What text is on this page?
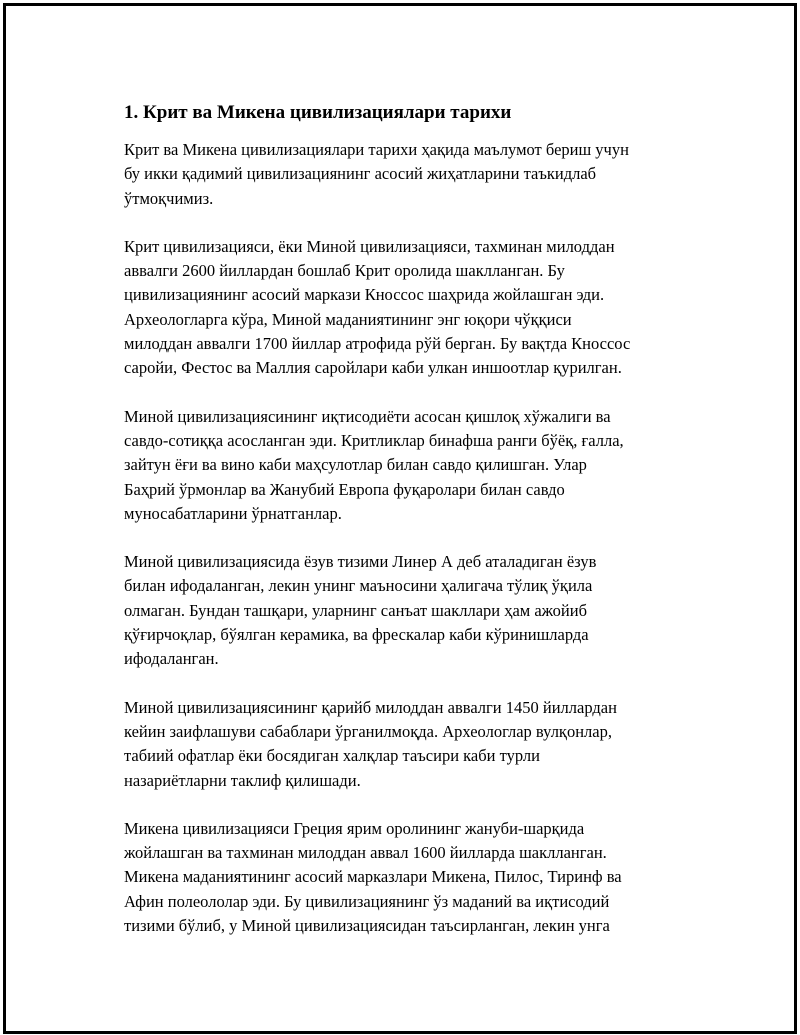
1. Крит ва Микена цивилизациялари тарихи
Крит ва Микена цивилизациялари тарихи ҳақида маълумот бериш учун
бу икки қадимий цивилизациянинг асосий жиҳатларини таъкидлаб
ўтмоқчимиз.
Крит цивилизацияси, ёки Миной цивилизацияси, тахминан милоддан
аввалги 2600 йиллардан бошлаб Крит оролида шаклланган. Бу
цивилизациянинг асосий маркази Кноссос шаҳрида жойлашган эди.
Археологларга кўра, Миной маданиятининг энг юқори чўққиси
милоддан аввалги 1700 йиллар атрофида рўй берган. Бу вақтда Кноссос
саройи, Фестос ва Маллия саройлари каби улкан иншоотлар қурилган.
Миной цивилизациясининг иқтисодиёти асосан қишлоқ хўжалиги ва
савдо-сотиққа асосланган эди. Критликлар бинафша ранги бўёқ, ғалла,
зайтун ёғи ва вино каби маҳсулотлар билан савдо қилишган. Улар
Баҳрий ўрмонлар ва Жанубий Европа фуқаролари билан савдо
муносабатларини ўрнатганлар.
Миной цивилизациясида ёзув тизими Линер А деб аталадиган ёзув
билан ифодаланган, лекин унинг маъносини ҳалигача тўлиқ ўқила
олмаган. Бундан ташқари, уларнинг санъат шакллари ҳам ажойиб
қўғирчоқлар, бўялган керамика, ва фрескалар каби кўринишларда
ифодаланган.
Миной цивилизациясининг қарийб милоддан аввалги 1450 йиллардан
кейин заифлашуви сабаблари ўрганилмоқда. Археологлар вулқонлар,
табиий офатлар ёки босядиган халқлар таъсири каби турли
назариётларни таклиф қилишади.
Микена цивилизацияси Греция ярим оролининг жануби-шарқида
жойлашган ва тахминан милоддан аввал 1600 йилларда шаклланган.
Микена маданиятининг асосий марказлари Микена, Пилос, Тиринф ва
Афин полеололар эди. Бу цивилизациянинг ўз маданий ва иқтисодий
тизими бўлиб, у Миной цивилизациясидан таъсирланган, лекин унга
